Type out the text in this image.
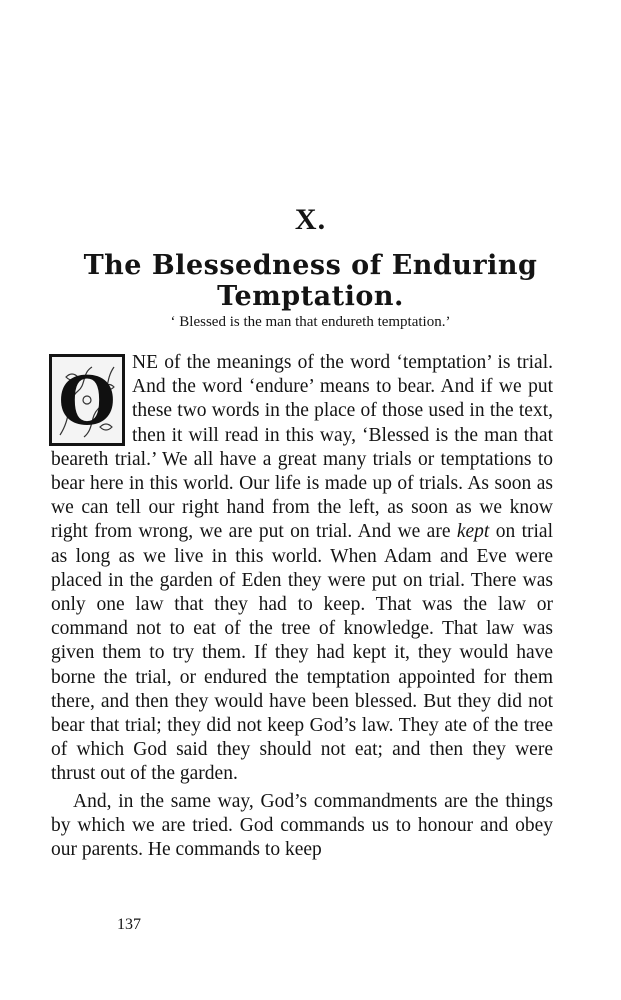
X.

The Blessedness of Enduring Temptation.

‘ Blessed is the man that endureth temptation.’

O NE of the meanings of the word ‘temptation’ is trial. And the word ‘endure’ means to bear. And if we put these two words in the place of those used in the text, then it will read in this way, ‘Blessed is the man that beareth trial.’ We all have a great many trials or temptations to bear here in this world. Our life is made up of trials. As soon as we can tell our right hand from the left, as soon as we know right from wrong, we are put on trial. And we are kept on trial as long as we live in this world. When Adam and Eve were placed in the garden of Eden they were put on trial. There was only one law that they had to keep. That was the law or command not to eat of the tree of knowledge. That law was given them to try them. If they had kept it, they would have borne the trial, or endured the temptation appointed for them there, and then they would have been blessed. But they did not bear that trial; they did not keep God’s law. They ate of the tree of which God said they should not eat; and then they were thrust out of the garden.

And, in the same way, God’s commandments are the things by which we are tried. God commands us to honour and obey our parents. He commands to keep

137
